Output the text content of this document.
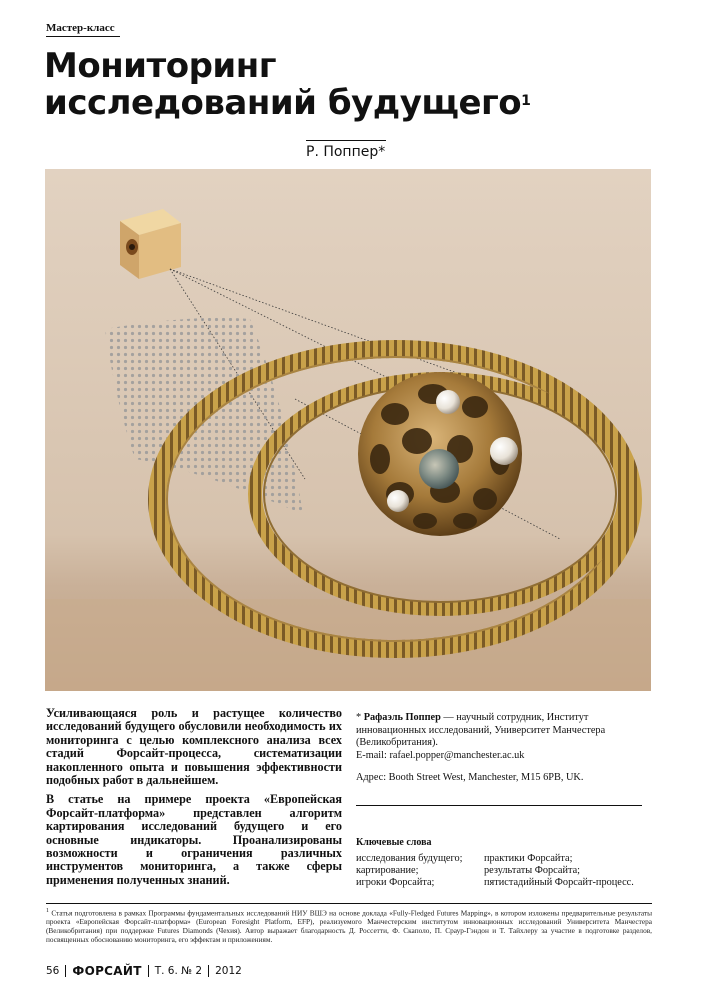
Мастер-класс
Мониторинг
исследований будущего$^1$
Р. Поппер*

Усиливающаяся роль и растущее количество исследований будущего обусловили необходимость их мониторинга с целью комплексного анализа всех стадий Форсайт-процесса, систематизации накопленного опыта и повышения эффективности подобных работ в дальнейшем.

В статье на примере проекта «Европейская Форсайт-платформа» представлен алгоритм картирования исследований будущего и его основные индикаторы. Проанализированы возможности и ограничения различных инструментов мониторинга, а также сферы применения полученных знаний.

* Рафаэль Поппер — научный сотрудник, Институт инновационных исследований, Университет Манчестера (Великобритания).
E-mail: rafael.popper@manchester.ac.uk

Адрес: Booth Street West, Manchester, M15 6PB, UK.

Ключевые слова
исследования будущего;
картирование;
игроки Форсайта;
практики Форсайта;
результаты Форсайта;
пятистадийный Форсайт-процесс.
$^1$ Статья подготовлена в рамках Программы фундаментальных исследований НИУ ВШЭ на основе доклада «Fully-Fledged Futures Mapping», в котором изложены предварительные результаты проекта «Европейская Форсайт-платформа» (European Foresight Platform, EFP), реализуемого Манчестерским институтом инновационных исследований Университета Манчестера (Великобритания) при поддержке Futures Diamonds (Чехия). Автор выражает благодарность Д. Россетти, Ф. Скаполо, П. Сраур-Гэндон и Т. Тайхлеру за участие в подготовке разделов, посвященных обоснованию мониторинга, его эффектам и приложениям.
56 ФОРСАЙТ Т. 6. № 2 2012
